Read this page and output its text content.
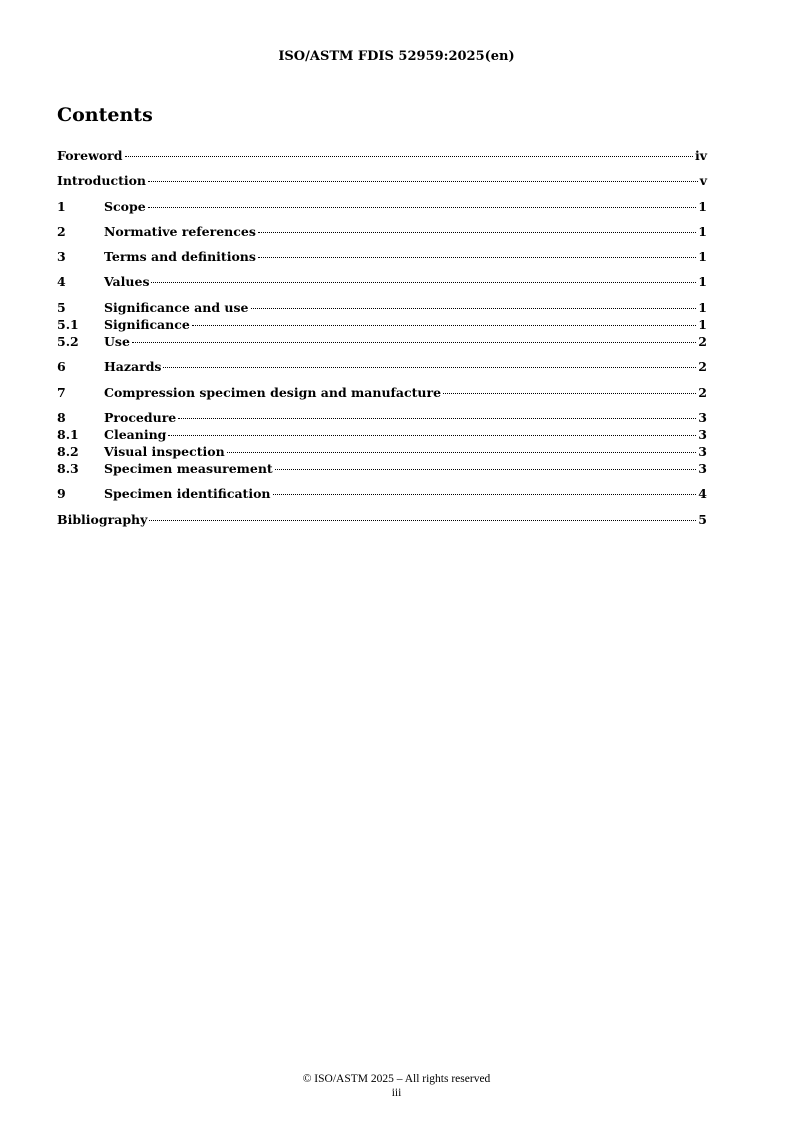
ISO/ASTM FDIS 52959:2025(en)
Contents
Foreword	iv
Introduction	v
1	Scope	1
2	Normative references	1
3	Terms and definitions	1
4	Values	1
5	Significance and use	1
5.1	Significance	1
5.2	Use	2
6	Hazards	2
7	Compression specimen design and manufacture	2
8	Procedure	3
8.1	Cleaning	3
8.2	Visual inspection	3
8.3	Specimen measurement	3
9	Specimen identification	4
Bibliography	5
© ISO/ASTM 2025 – All rights reserved
iii
